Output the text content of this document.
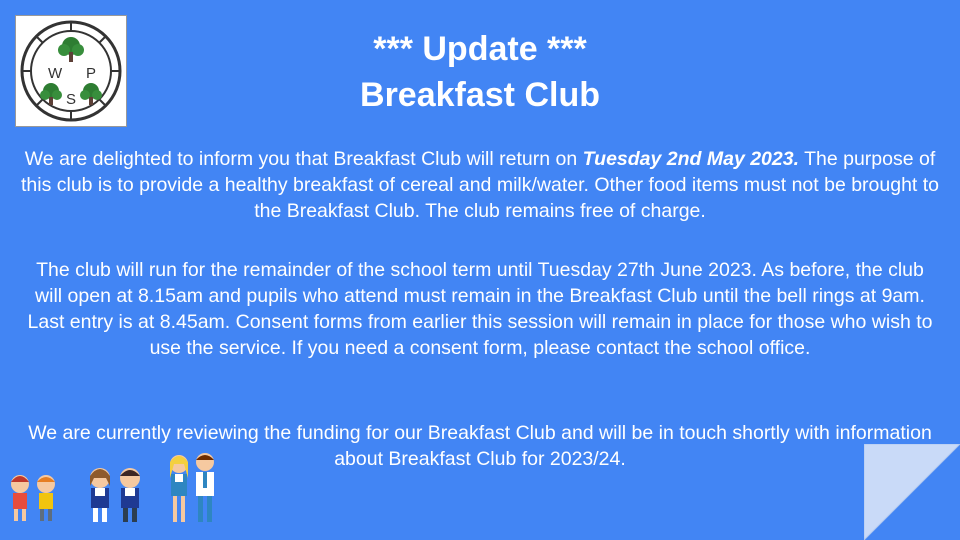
W P
S
*** Update ***
Breakfast Club
We are delighted to inform you that Breakfast Club will return on Tuesday 2nd May 2023. The purpose of this club is to provide a healthy breakfast of cereal and milk/water. Other food items must not be brought to the Breakfast Club. The club remains free of charge.
The club will run for the remainder of the school term until Tuesday 27th June 2023. As before, the club will open at 8.15am and pupils who attend must remain in the Breakfast Club until the bell rings at 9am. Last entry is at 8.45am. Consent forms from earlier this session will remain in place for those who wish to use the service. If you need a consent form, please contact the school office.
We are currently reviewing the funding for our Breakfast Club and will be in touch shortly with information about Breakfast Club for 2023/24.
